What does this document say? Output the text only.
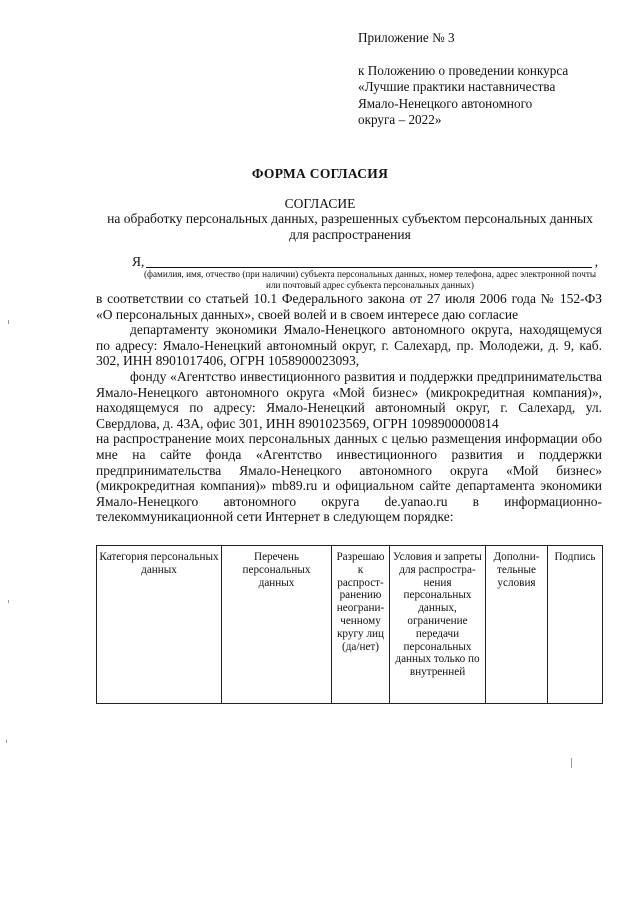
Приложение № 3
к Положению о проведении конкурса
«Лучшие практики наставничества
Ямало-Ненецкого автономного
округа – 2022»
ФОРМА СОГЛАСИЯ
СОГЛАСИЕ
на обработку персональных данных, разрешенных субъектом персональных данных для распространения
Я,	,
(фамилия, имя, отчество (при наличии) субъекта персональных данных, номер телефона, адрес электронной почты или почтовый адрес субъекта персональных данных)

в соответствии со статьей 10.1 Федерального закона от 27 июля 2006 года № 152-ФЗ «О персональных данных», своей волей и в своем интересе даю согласие

департаменту экономики Ямало-Ненецкого автономного округа, находящемуся по адресу: Ямало-Ненецкий автономный округ, г. Салехард, пр. Молодежи, д. 9, каб. 302, ИНН 8901017406, ОГРН 1058900023093,

фонду «Агентство инвестиционного развития и поддержки предпринимательства Ямало-Ненецкого автономного округа «Мой бизнес» (микрокредитная компания)», находящемуся по адресу: Ямало-Ненецкий автономный округ, г. Салехард, ул. Свердлова, д. 43А, офис 301, ИНН 8901023569, ОГРН 1098900000814

на распространение моих персональных данных с целью размещения информации обо мне на сайте фонда «Агентство инвестиционного развития и поддержки предпринимательства Ямало-Ненецкого автономного округа «Мой бизнес» (микрокредитная компания)» mb89.ru и официальном сайте департамента экономики Ямало-Ненецкого автономного округа de.yanao.ru в информационно-телекоммуникационной сети Интернет в следующем порядке:

Категория персональных данных	Перечень персональных данных	Разрешаю к распрост-ранению неограни-ченному кругу лиц (да/нет)	Условия и запреты для распростра-нения персональных данных, ограничение передачи персональных данных только по внутренней	Дополни-тельные условия	Подпись
